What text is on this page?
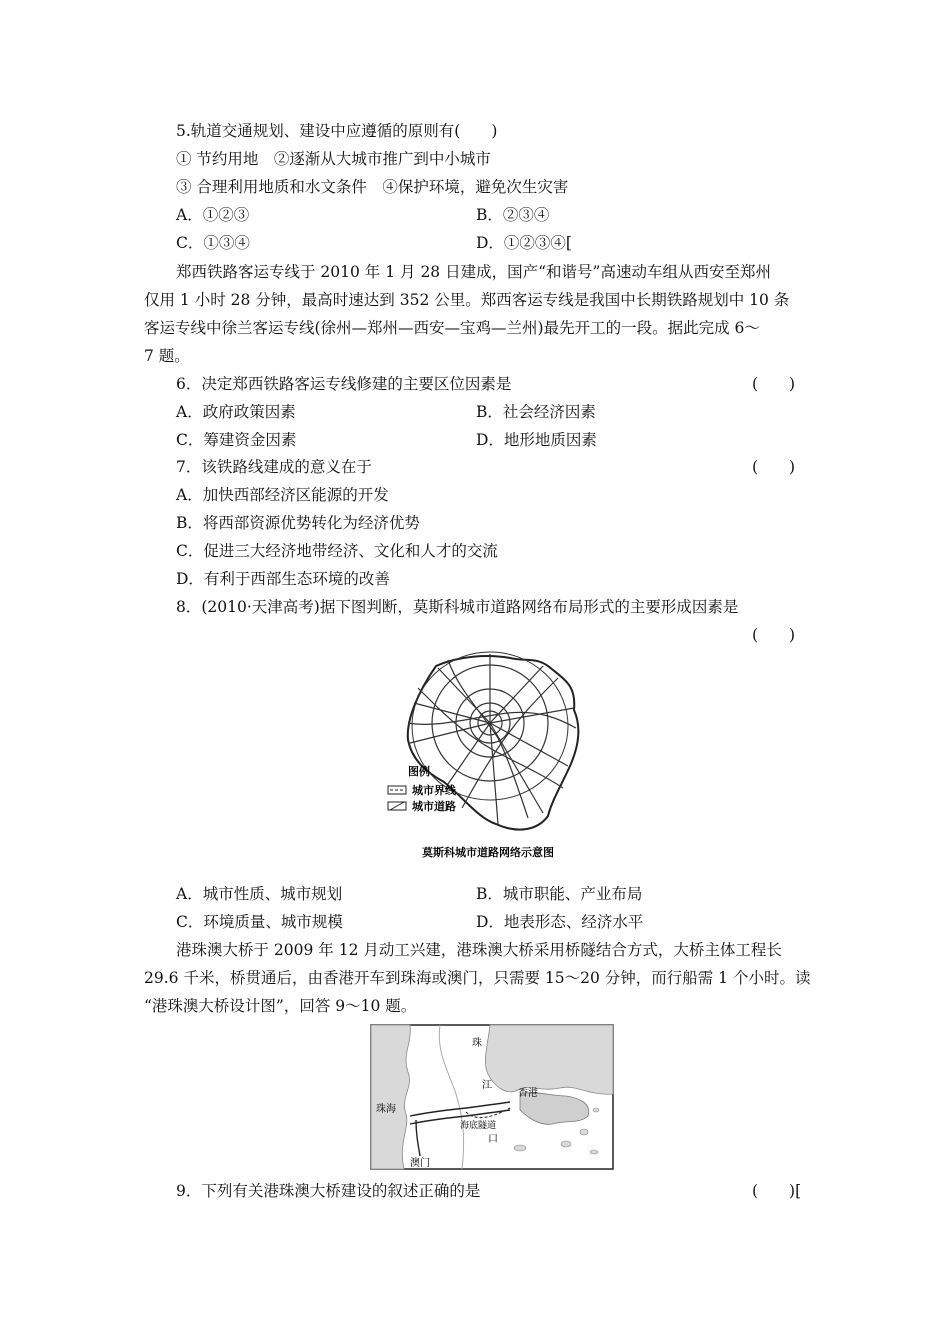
5.轨道交通规划、建设中应遵循的原则有(　　)
① 节约用地　②逐渐从大城市推广到中小城市
③ 合理利用地质和水文条件　④保护环境，避免次生灾害
A．①②③	B．②③④
C．①③④	D．①②③④[
郑西铁路客运专线于 2010 年 1 月 28 日建成，国产“和谐号”高速动车组从西安至郑州
仅用 1 小时 28 分钟，最高时速达到 352 公里。郑西客运专线是我国中长期铁路规划中 10 条
客运专线中徐兰客运专线(徐州—郑州—西安—宝鸡—兰州)最先开工的一段。据此完成 6～
7 题。
6．决定郑西铁路客运专线修建的主要区位因素是	(　　)
A．政府政策因素	B．社会经济因素
C．筹建资金因素	D．地形地质因素
7．该铁路线建成的意义在于	(　　)
A．加快西部经济区能源的开发
B．将西部资源优势转化为经济优势
C．促进三大经济地带经济、文化和人才的交流
D．有利于西部生态环境的改善
8．(2010·天津高考)据下图判断，莫斯科城市道路网络布局形式的主要形成因素是
(　　)
图例
城市界线
城市道路
莫斯科城市道路网络示意图
A．城市性质、城市规划	B．城市职能、产业布局
C．环境质量、城市规模	D．地表形态、经济水平
港珠澳大桥于 2009 年 12 月动工兴建，港珠澳大桥采用桥隧结合方式，大桥主体工程长
29.6 千米，桥贯通后，由香港开车到珠海或澳门，只需要 15～20 分钟，而行船需 1 个小时。读
“港珠澳大桥设计图”，回答 9～10 题。
珠
江
口
珠海
澳门
香港
海底隧道
9．下列有关港珠澳大桥建设的叙述正确的是	(　　)[
